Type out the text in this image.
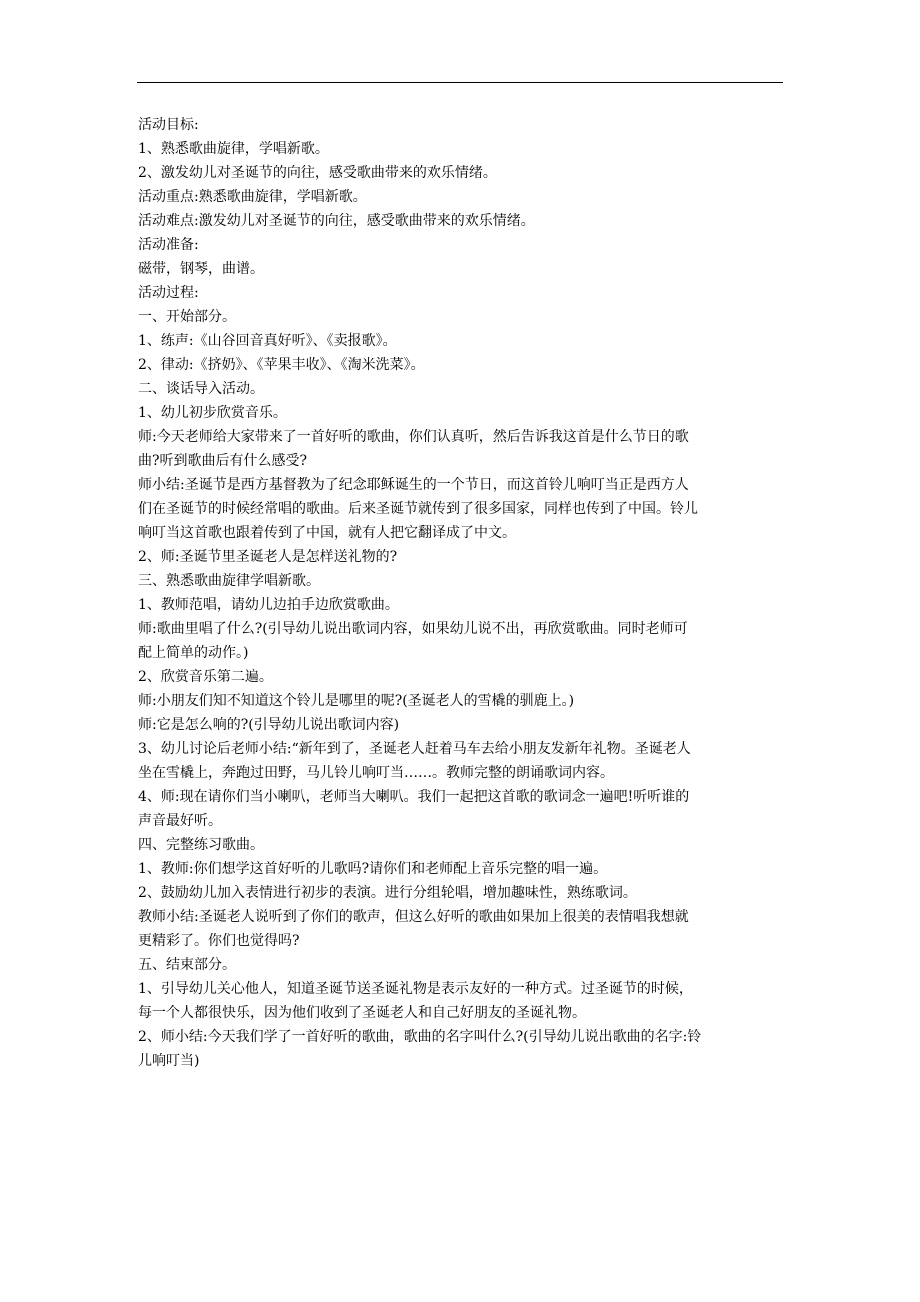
活动目标:
1、熟悉歌曲旋律，学唱新歌。
2、激发幼儿对圣诞节的向往，感受歌曲带来的欢乐情绪。
活动重点:熟悉歌曲旋律，学唱新歌。
活动难点:激发幼儿对圣诞节的向往，感受歌曲带来的欢乐情绪。
活动准备:
磁带，钢琴，曲谱。
活动过程:
一、开始部分。
1、练声:《山谷回音真好听》、《卖报歌》。
2、律动:《挤奶》、《苹果丰收》、《淘米洗菜》。
二、谈话导入活动。
1、幼儿初步欣赏音乐。
师:今天老师给大家带来了一首好听的歌曲，你们认真听，然后告诉我这首是什么节日的歌
曲?听到歌曲后有什么感受?
师小结:圣诞节是西方基督教为了纪念耶稣诞生的一个节日，而这首铃儿响叮当正是西方人
们在圣诞节的时候经常唱的歌曲。后来圣诞节就传到了很多国家，同样也传到了中国。铃儿
响叮当这首歌也跟着传到了中国，就有人把它翻译成了中文。
2、师:圣诞节里圣诞老人是怎样送礼物的?
三、熟悉歌曲旋律学唱新歌。
1、教师范唱，请幼儿边拍手边欣赏歌曲。
师:歌曲里唱了什么?(引导幼儿说出歌词内容，如果幼儿说不出，再欣赏歌曲。同时老师可
配上简单的动作。)
2、欣赏音乐第二遍。
师:小朋友们知不知道这个铃儿是哪里的呢?(圣诞老人的雪橇的驯鹿上。)
师:它是怎么响的?(引导幼儿说出歌词内容)
3、幼儿讨论后老师小结:“新年到了，圣诞老人赶着马车去给小朋友发新年礼物。圣诞老人
坐在雪橇上，奔跑过田野，马儿铃儿响叮当……。教师完整的朗诵歌词内容。
4、师:现在请你们当小喇叭，老师当大喇叭。我们一起把这首歌的歌词念一遍吧!听听谁的
声音最好听。
四、完整练习歌曲。
1、教师:你们想学这首好听的儿歌吗?请你们和老师配上音乐完整的唱一遍。
2、鼓励幼儿加入表情进行初步的表演。进行分组轮唱，增加趣味性，熟练歌词。
教师小结:圣诞老人说听到了你们的歌声，但这么好听的歌曲如果加上很美的表情唱我想就
更精彩了。你们也觉得吗?
五、结束部分。
1、引导幼儿关心他人，知道圣诞节送圣诞礼物是表示友好的一种方式。过圣诞节的时候，
每一个人都很快乐，因为他们收到了圣诞老人和自己好朋友的圣诞礼物。
2、师小结:今天我们学了一首好听的歌曲，歌曲的名字叫什么?(引导幼儿说出歌曲的名字:铃
儿响叮当)
